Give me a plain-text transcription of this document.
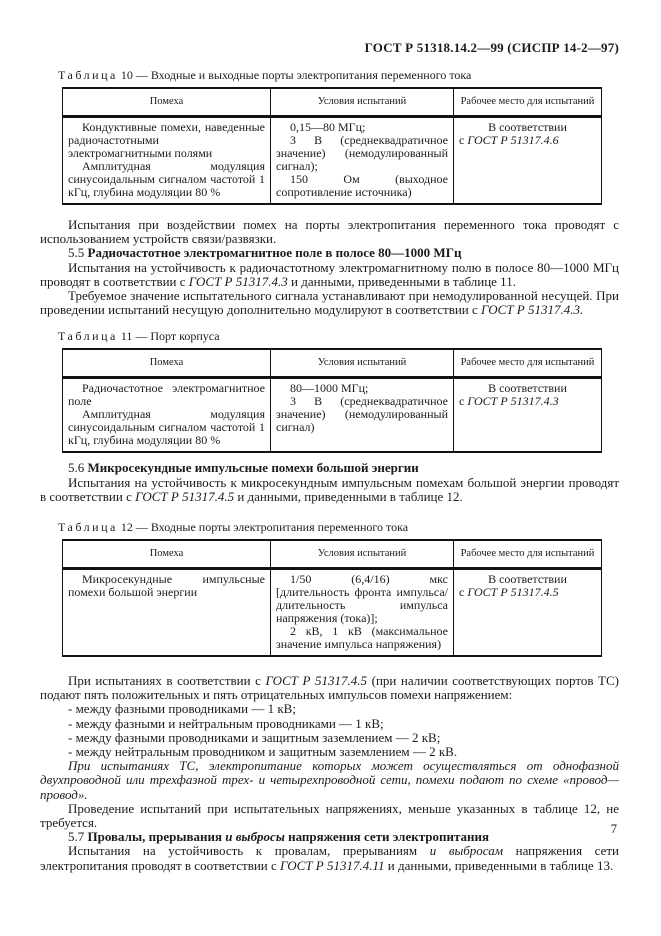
ГОСТ Р 51318.14.2—99 (СИСПР 14-2—97)
Таблица 10 — Входные и выходные порты электропитания переменного тока
Помеха	Условия испытаний	Рабочее место для испытаний

Кондуктивные помехи, наведенные радиочастотными электромагнитными полями

Амплитудная модуляция синусоидальным сигналом частотой 1 кГц, глубина модуляции 80 %

0,15—80 МГц;

3 В (среднеквадратичное значение) (немодулированный сигнал);

150 Ом (выходное сопротивление источника)

В соответствии
с ГОСТ Р 51317.4.6

Испытания при воздействии помех на порты электропитания переменного тока проводят с использованием устройств связи/развязки.

5.5 Радиочастотное электромагнитное поле в полосе 80—1000 МГц

Испытания на устойчивость к радиочастотному электромагнитному полю в полосе 80—1000 МГц проводят в соответствии с ГОСТ Р 51317.4.3 и данными, приведенными в таблице 11.

Требуемое значение испытательного сигнала устанавливают при немодулированной несущей. При проведении испытаний несущую дополнительно модулируют в соответствии с ГОСТ Р 51317.4.3.

Таблица 11 — Порт корпуса
Помеха	Условия испытаний	Рабочее место для испытаний

Радиочастотное электромагнитное поле

Амплитудная модуляция синусоидальным сигналом частотой 1 кГц, глубина модуляции 80 %

80—1000 МГц;

3 В (среднеквадратичное значение) (немодулированный сигнал)

В соответствии
с ГОСТ Р 51317.4.3

5.6 Микросекундные импульсные помехи большой энергии

Испытания на устойчивость к микросекундным импульсным помехам большой энергии проводят в соответствии с ГОСТ Р 51317.4.5 и данными, приведенными в таблице 12.

Таблица 12 — Входные порты электропитания переменного тока
Помеха	Условия испытаний	Рабочее место для испытаний

Микросекундные импульсные помехи большой энергии

1/50 (6,4/16) мкс [длительность фронта импульса/длительность импульса напряжения (тока)];

2 кВ, 1 кВ (максимальное значение импульса напряжения)

В соответствии
с ГОСТ Р 51317.4.5

При испытаниях в соответствии с ГОСТ Р 51317.4.5 (при наличии соответствующих портов ТС) подают пять положительных и пять отрицательных импульсов помехи напряжением:

- между фазными проводниками — 1 кВ;

- между фазными и нейтральным проводниками — 1 кВ;

- между фазными проводниками и защитным заземлением — 2 кВ;

- между нейтральным проводником и защитным заземлением — 2 кВ.

При испытаниях ТС, электропитание которых может осуществляться от однофазной двухпроводной или трехфазной трех- и четырехпроводной сети, помехи подают по схеме «провод—провод».

Проведение испытаний при испытательных напряжениях, меньше указанных в таблице 12, не требуется.

5.7 Провалы, прерывания и выбросы напряжения сети электропитания

Испытания на устойчивость к провалам, прерываниям и выбросам напряжения сети электропитания проводят в соответствии с ГОСТ Р 51317.4.11 и данными, приведенными в таблице 13.

7
